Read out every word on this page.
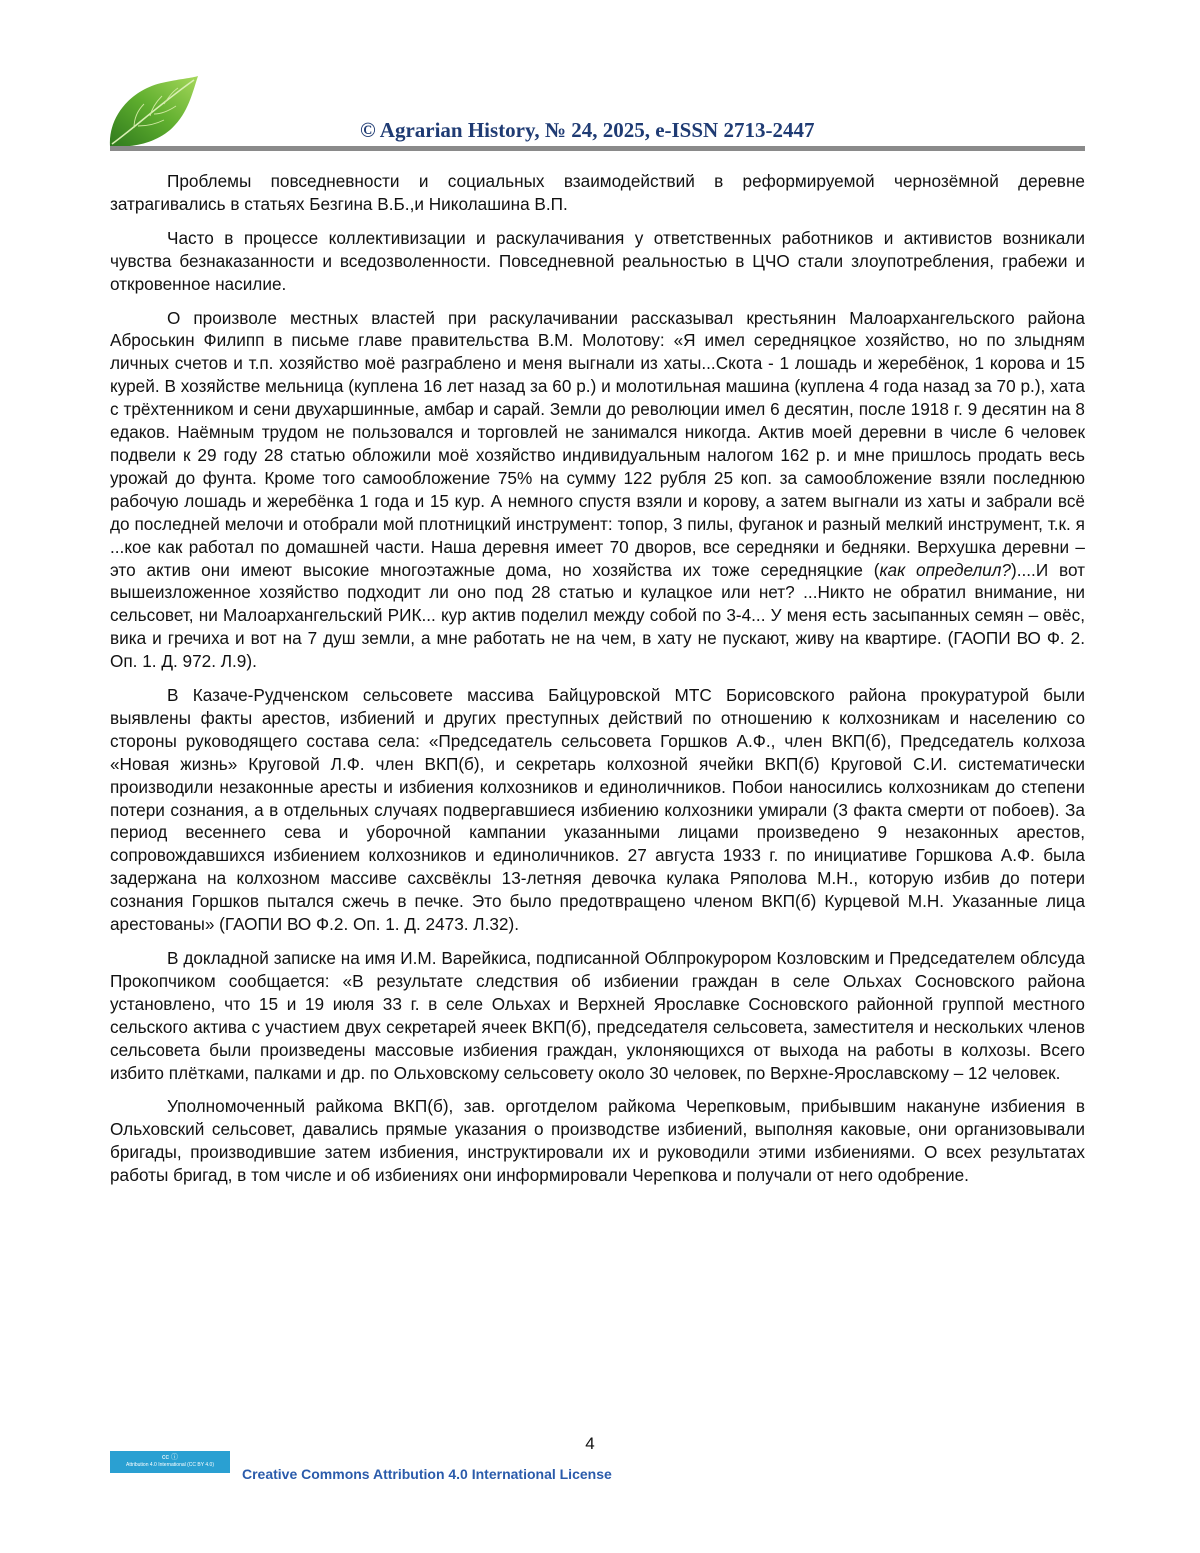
© Agrarian History, № 24, 2025, e-ISSN 2713-2447

Проблемы повседневности и социальных взаимодействий в реформируемой чернозёмной деревне затрагивались в статьях Безгина В.Б.,и Николашина В.П.

Часто в процессе коллективизации и раскулачивания у ответственных работников и активистов возникали чувства безнаказанности и вседозволенности. Повседневной реальностью в ЦЧО стали злоупотребления, грабежи и откровенное насилие.

О произволе местных властей при раскулачивании рассказывал крестьянин Малоархангельского района Аброськин Филипп в письме главе правительства В.М. Молотову: «Я имел середняцкое хозяйство, но по злыдням личных счетов и т.п. хозяйство моё разграблено и меня выгнали из хаты...Скота - 1 лошадь и жеребёнок, 1 корова и 15 курей. В хозяйстве мельница (куплена 16 лет назад за 60 р.) и молотильная машина (куплена 4 года назад за 70 р.), хата с трёхтенником и сени двухаршинные, амбар и сарай. Земли до революции имел 6 десятин, после 1918 г. 9 десятин на 8 едаков. Наёмным трудом не пользовался и торговлей не занимался никогда. Актив моей деревни в числе 6 человек подвели к 29 году 28 статью обложили моё хозяйство индивидуальным налогом 162 р. и мне пришлось продать весь урожай до фунта. Кроме того самообложение 75% на сумму 122 рубля 25 коп. за самообложение взяли последнюю рабочую лошадь и жеребёнка 1 года и 15 кур. А немного спустя взяли и корову, а затем выгнали из хаты и забрали всё до последней мелочи и отобрали мой плотницкий инструмент: топор, 3 пилы, фуганок и разный мелкий инструмент, т.к. я ...кое как работал по домашней части. Наша деревня имеет 70 дворов, все середняки и бедняки. Верхушка деревни – это актив они имеют высокие многоэтажные дома, но хозяйства их тоже середняцкие (как определил?)....И вот вышеизложенное хозяйство подходит ли оно под 28 статью и кулацкое или нет? ...Никто не обратил внимание, ни сельсовет, ни Малоархангельский РИК... кур актив поделил между собой по 3-4... У меня есть засыпанных семян – овёс, вика и гречиха и вот на 7 душ земли, а мне работать не на чем, в хату не пускают, живу на квартире. (ГАОПИ ВО Ф. 2. Оп. 1. Д. 972. Л.9).

В Казаче-Рудченском сельсовете массива Байцуровской МТС Борисовского района прокуратурой были выявлены факты арестов, избиений и других преступных действий по отношению к колхозникам и населению со стороны руководящего состава села: «Председатель сельсовета Горшков А.Ф., член ВКП(б), Председатель колхоза «Новая жизнь» Круговой Л.Ф. член ВКП(б), и секретарь колхозной ячейки ВКП(б) Круговой С.И. систематически производили незаконные аресты и избиения колхозников и единоличников. Побои наносились колхозникам до степени потери сознания, а в отдельных случаях подвергавшиеся избиению колхозники умирали (3 факта смерти от побоев). За период весеннего сева и уборочной кампании указанными лицами произведено 9 незаконных арестов, сопровождавшихся избиением колхозников и единоличников. 27 августа 1933 г. по инициативе Горшкова А.Ф. была задержана на колхозном массиве сахсвёклы 13-летняя девочка кулака Ряполова М.Н., которую избив до потери сознания Горшков пытался сжечь в печке. Это было предотвращено членом ВКП(б) Курцевой М.Н. Указанные лица арестованы» (ГАОПИ ВО Ф.2. Оп. 1. Д. 2473. Л.32).

В докладной записке на имя И.М. Варейкиса, подписанной Облпрокурором Козловским и Председателем облсуда Прокопчиком сообщается: «В результате следствия об избиении граждан в селе Ольхах Сосновского района установлено, что 15 и 19 июля 33 г. в селе Ольхах и Верхней Ярославке Сосновского районной группой местного сельского актива с участием двух секретарей ячеек ВКП(б), председателя сельсовета, заместителя и нескольких членов сельсовета были произведены массовые избиения граждан, уклоняющихся от выхода на работы в колхозы. Всего избито плётками, палками и др. по Ольховскому сельсовету около 30 человек, по Верхне-Ярославскому – 12 человек.

Уполномоченный райкома ВКП(б), зав. орготделом райкома Черепковым, прибывшим накануне избиения в Ольховский сельсовет, давались прямые указания о производстве избиений, выполняя каковые, они организовывали бригады, производившие затем избиения, инструктировали их и руководили этими избиениями. О всех результатах работы бригад, в том числе и об избиениях они информировали Черепкова и получали от него одобрение.

4
cc ⓘ
Attribution 4.0 International (CC BY 4.0)
Creative Commons Attribution 4.0 International License
